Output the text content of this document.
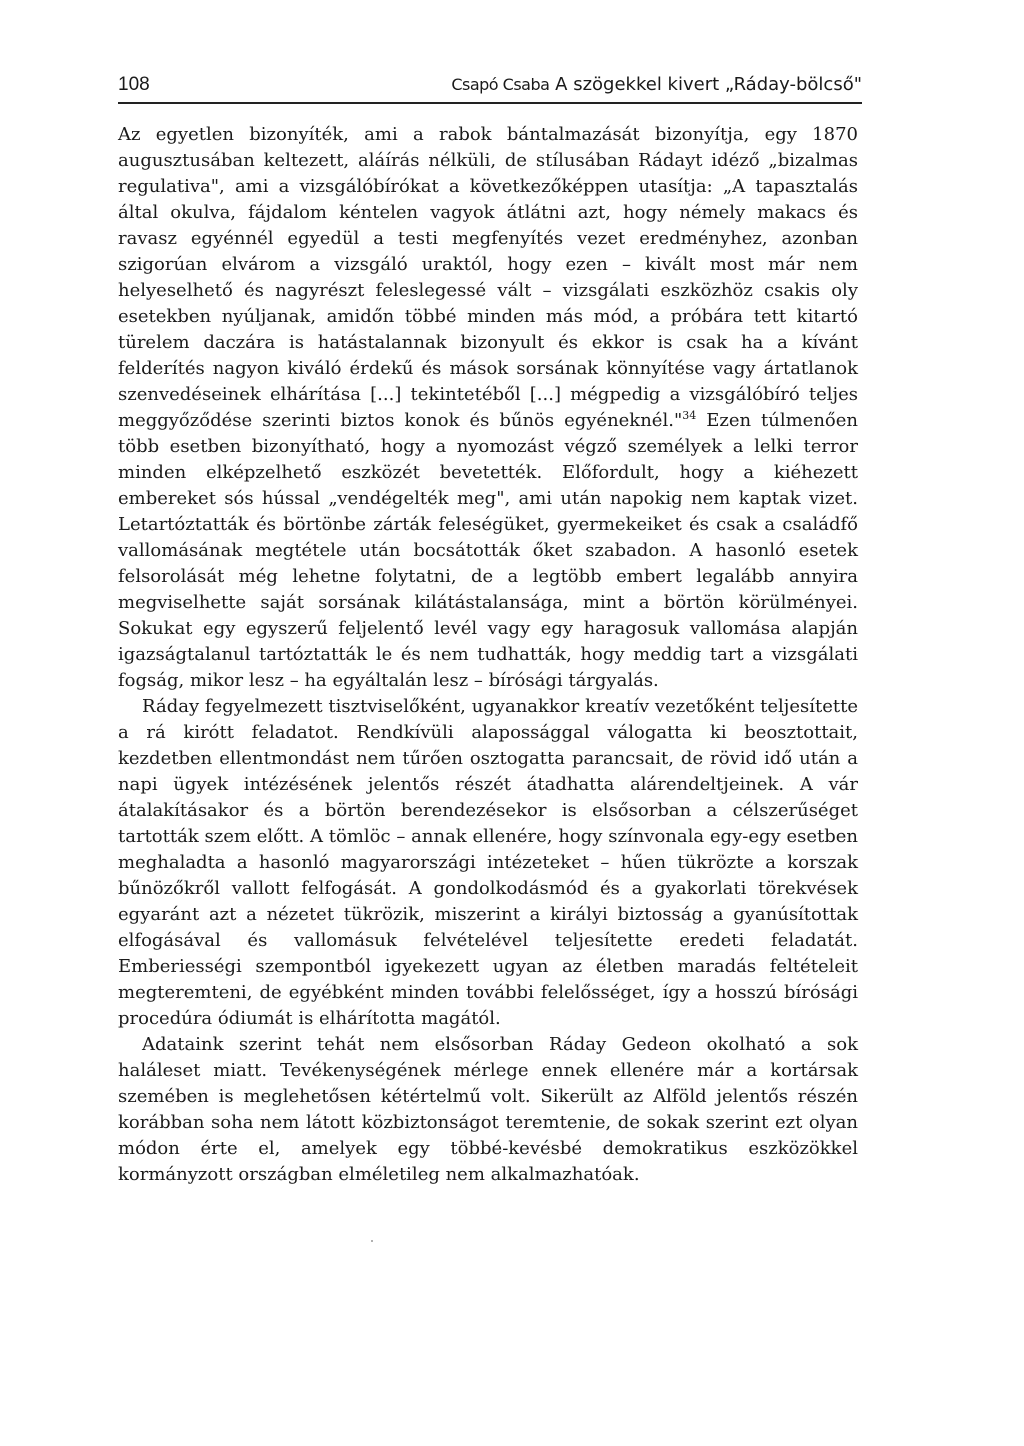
108	Csapó Csaba A szögekkel kivert „Ráday-bölcső"

Az egyetlen bizonyíték, ami a rabok bántalmazását bizonyítja, egy 1870 augusztusában keltezett, aláírás nélküli, de stílusában Rádayt idéző „bizalmas regulativa", ami a vizsgálóbírókat a következőképpen utasítja: „A tapasztalás által okulva, fájdalom kéntelen vagyok átlátni azt, hogy némely makacs és ravasz egyénnél egyedül a testi megfenyítés vezet eredményhez, azonban szigorúan elvárom a vizsgáló uraktól, hogy ezen – kivált most már nem helyeselhető és nagyrészt feleslegessé vált – vizsgálati eszközhöz csakis oly esetekben nyúljanak, amidőn többé minden más mód, a próbára tett kitartó türelem daczára is hatástalannak bizonyult és ekkor is csak ha a kívánt felderítés nagyon kiváló érdekű és mások sorsának könnyítése vagy ártatlanok szenvedéseinek elhárítása [...] tekintetéből [...] mégpedig a vizsgálóbíró teljes meggyőződése szerinti biztos konok és bűnös egyéneknél."$^{34}$ Ezen túlmenően több esetben bizonyítható, hogy a nyomozást végző személyek a lelki terror minden elképzelhető eszközét bevetették. Előfordult, hogy a kiéhezett embereket sós hússal „vendégelték meg", ami után napokig nem kaptak vizet. Letartóztatták és börtönbe zárták feleségüket, gyermekeiket és csak a családfő vallomásának megtétele után bocsátották őket szabadon. A hasonló esetek felsorolását még lehetne folytatni, de a legtöbb embert legalább annyira megviselhette saját sorsának kilátástalansága, mint a börtön körülményei. Sokukat egy egyszerű feljelentő levél vagy egy haragosuk vallomása alapján igazságtalanul tartóztatták le és nem tudhatták, hogy meddig tart a vizsgálati fogság, mikor lesz – ha egyáltalán lesz – bírósági tárgyalás.

Ráday fegyelmezett tisztviselőként, ugyanakkor kreatív vezetőként teljesítette a rá kirótt feladatot. Rendkívüli alapossággal válogatta ki beosztottait, kezdetben ellentmondást nem tűrően osztogatta parancsait, de rövid idő után a napi ügyek intézésének jelentős részét átadhatta alárendeltjeinek. A vár átalakításakor és a börtön berendezésekor is elsősorban a célszerűséget tartották szem előtt. A tömlöc – annak ellenére, hogy színvonala egy-egy esetben meghaladta a hasonló magyarországi intézeteket – hűen tükrözte a korszak bűnözőkről vallott felfogását. A gondolkodásmód és a gyakorlati törekvések egyaránt azt a nézetet tükrözik, miszerint a királyi biztosság a gyanúsítottak elfogásával és vallomásuk felvételével teljesítette eredeti feladatát. Emberiességi szempontból igyekezett ugyan az életben maradás feltételeit megteremteni, de egyébként minden további felelősséget, így a hosszú bírósági procedúra ódiumát is elhárította magától.

Adataink szerint tehát nem elsősorban Ráday Gedeon okolható a sok haláleset miatt. Tevékenységének mérlege ennek ellenére már a kortársak szemében is meglehetősen kétértelmű volt. Sikerült az Alföld jelentős részén korábban soha nem látott közbiztonságot teremtenie, de sokak szerint ezt olyan módon érte el, amelyek egy többé-kevésbé demokratikus eszközökkel kormányzott országban elméletileg nem alkalmazhatóak.
